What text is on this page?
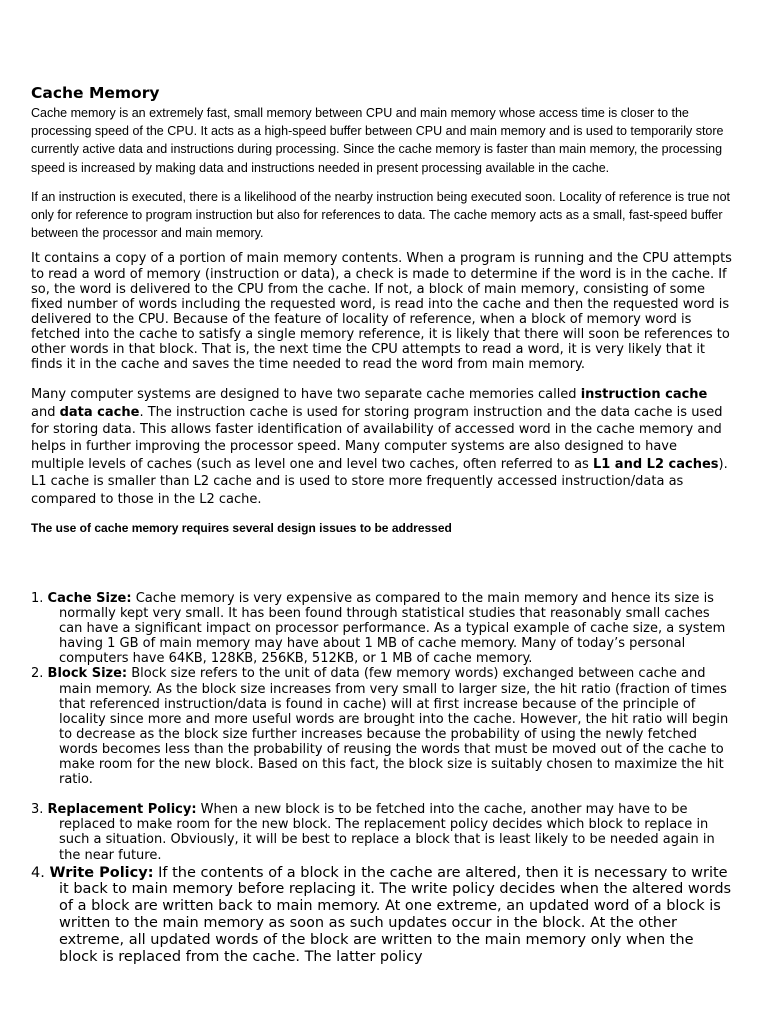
Cache Memory

Cache memory is an extremely fast, small memory between CPU and main memory whose access time is closer to the processing speed of the CPU. It acts as a high-speed buffer between CPU and main memory and is used to temporarily store currently active data and instructions during processing. Since the cache memory is faster than main memory, the processing speed is increased by making data and instructions needed in present processing available in the cache.

If an instruction is executed, there is a likelihood of the nearby instruction being executed soon. Locality of reference is true not only for reference to program instruction but also for references to data. The cache memory acts as a small, fast-speed buffer between the processor and main memory.

It contains a copy of a portion of main memory contents. When a program is running and the CPU attempts to read a word of memory (instruction or data), a check is made to determine if the word is in the cache. If so, the word is delivered to the CPU from the cache. If not, a block of main memory, consisting of some fixed number of words including the requested word, is read into the cache and then the requested word is delivered to the CPU. Because of the feature of locality of reference, when a block of memory word is fetched into the cache to satisfy a single memory reference, it is likely that there will soon be references to other words in that block. That is, the next time the CPU attempts to read a word, it is very likely that it finds it in the cache and saves the time needed to read the word from main memory.

Many computer systems are designed to have two separate cache memories called instruction cache and data cache. The instruction cache is used for storing program instruction and the data cache is used for storing data. This allows faster identification of availability of accessed word in the cache memory and helps in further improving the processor speed. Many computer systems are also designed to have multiple levels of caches (such as level one and level two caches, often referred to as L1 and L2 caches). L1 cache is smaller than L2 cache and is used to store more frequently accessed instruction/data as compared to those in the L2 cache.

The use of cache memory requires several design issues to be addressed

1. Cache Size: Cache memory is very expensive as compared to the main memory and hence its size is normally kept very small. It has been found through statistical studies that reasonably small caches can have a significant impact on processor performance. As a typical example of cache size, a system having 1 GB of main memory may have about 1 MB of cache memory. Many of today’s personal computers have 64KB, 128KB, 256KB, 512KB, or 1 MB of cache memory.
2. Block Size: Block size refers to the unit of data (few memory words) exchanged between cache and main memory. As the block size increases from very small to larger size, the hit ratio (fraction of times that referenced instruction/data is found in cache) will at first increase because of the principle of locality since more and more useful words are brought into the cache. However, the hit ratio will begin to decrease as the block size further increases because the probability of using the newly fetched words becomes less than the probability of reusing the words that must be moved out of the cache to make room for the new block. Based on this fact, the block size is suitably chosen to maximize the hit ratio.
3. Replacement Policy: When a new block is to be fetched into the cache, another may have to be replaced to make room for the new block. The replacement policy decides which block to replace in such a situation. Obviously, it will be best to replace a block that is least likely to be needed again in the near future.
4. Write Policy: If the contents of a block in the cache are altered, then it is necessary to write it back to main memory before replacing it. The write policy decides when the altered words of a block are written back to main memory. At one extreme, an updated word of a block is written to the main memory as soon as such updates occur in the block. At the other extreme, all updated words of the block are written to the main memory only when the block is replaced from the cache. The latter policy
